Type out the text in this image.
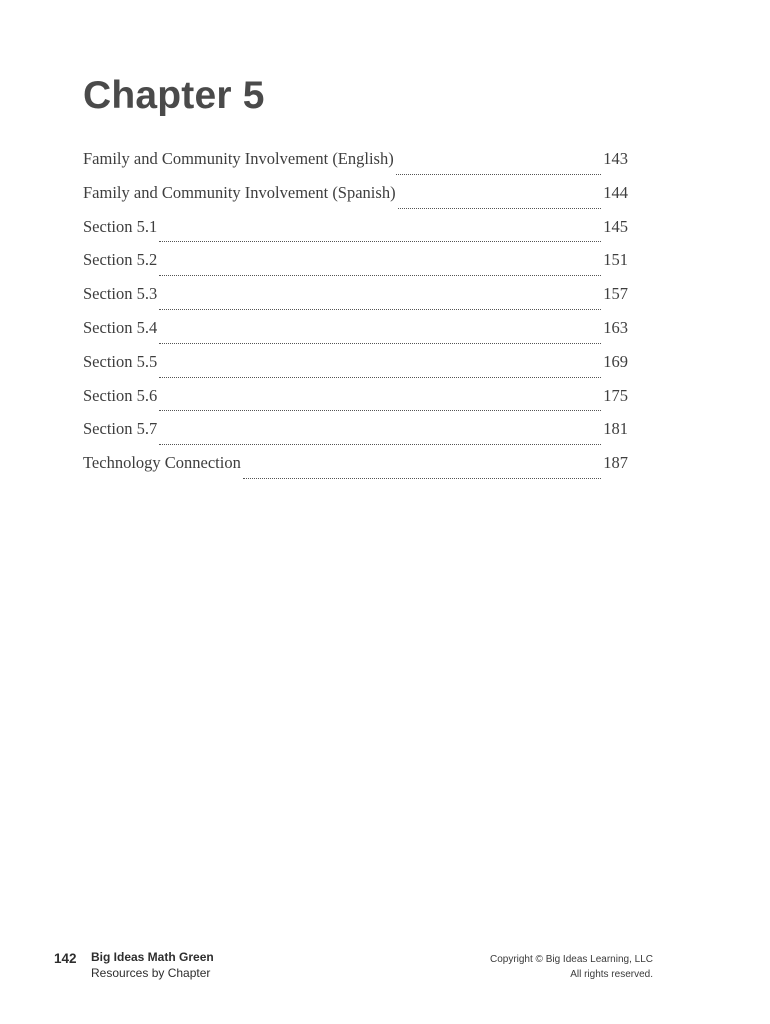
Chapter 5
Family and Community Involvement (English)	143
Family and Community Involvement (Spanish)	144
Section 5.1	145
Section 5.2	151
Section 5.3	157
Section 5.4	163
Section 5.5	169
Section 5.6	175
Section 5.7	181
Technology Connection	187
142 Big Ideas Math Green
Resources by Chapter
Copyright © Big Ideas Learning, LLC
All rights reserved.
